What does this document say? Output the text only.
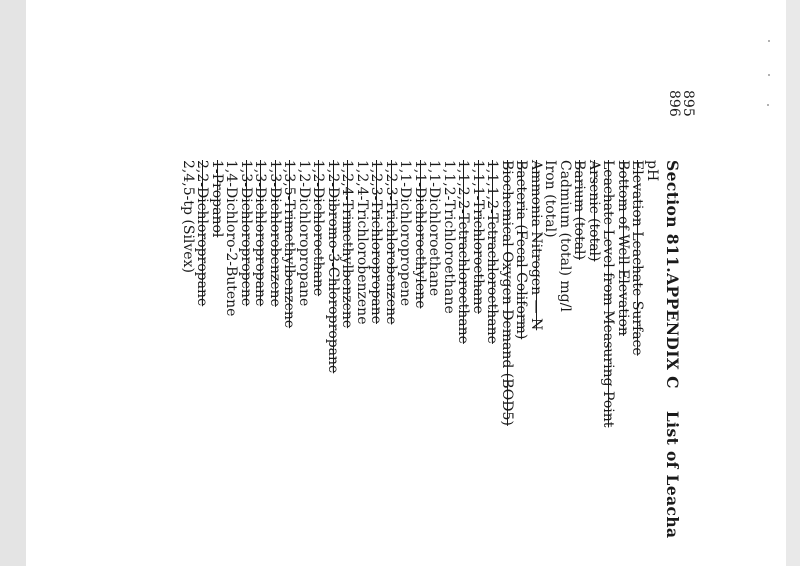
895
896
Section 811.APPENDIX CList of Leacha
pH
Elevation Leachate Surface
Bottom of Well Elevation
Leachate Level from Measuring Point
Arsenic (total)
Barium (total)
Cadmium (total) mg/l
Iron (total)
Ammonia Nitrogen — N
Bacteria (Fecal Coliform)
Biochemical Oxygen Demand (BOD5)
1,1,1,2-Tetrachloroethane
1,1,1-Trichloroethane
1,1,2,2-Tetrachloroethane
1,1,2-Trichloroethane
1,1-Dichloroethane
1,1-Dichloroethylene
1,1-Dichloropropene
1,2,3-Trichlorobenzene
1,2,3-Trichloropropane
1,2,4-Trichlorobenzene
1,2,4-Trimethylbenzene
1,2-Dibromo-3-Chloropropane
1,2-Dichloroethane
1,2-Dichloropropane
1,3,5-Trimethylbenzene
1,3-Dichlorobenzene
1,3-Dichloropropane
1,3-Dichloropropene
1,4-Dichloro-2-Butene
1-Propanol
2,2-Dichloropropane
2,4,5-tp (Silvex)
